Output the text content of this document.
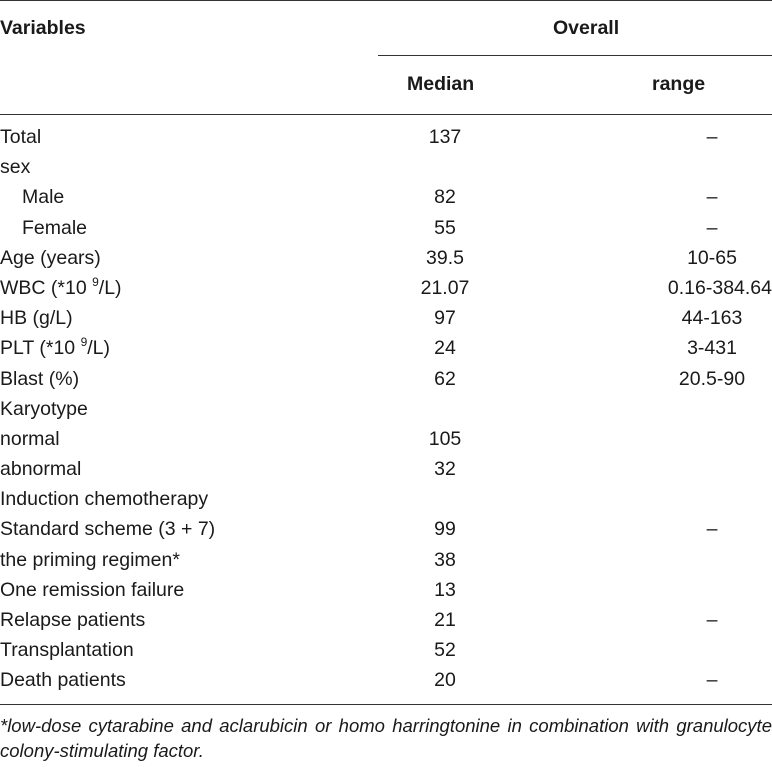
Variables	Overall
Median	range
Total	137	–
sex
Male	82	–
Female	55	–
Age (years)	39.5	10-65
WBC (*10 $^9$/L)	21.07	0.16-384.64
HB (g/L)	97	44-163
PLT (*10 $^9$/L)	24	3-431
Blast (%)	62	20.5-90
Karyotype
normal	105
abnormal	32
Induction chemotherapy
Standard scheme (3 + 7)	99	–
the priming regimen*	38
One remission failure	13
Relapse patients	21	–
Transplantation	52
Death patients	20	–
*low-dose cytarabine and aclarubicin or homo harringtonine in combination with granulocyte colony-stimulating factor.
